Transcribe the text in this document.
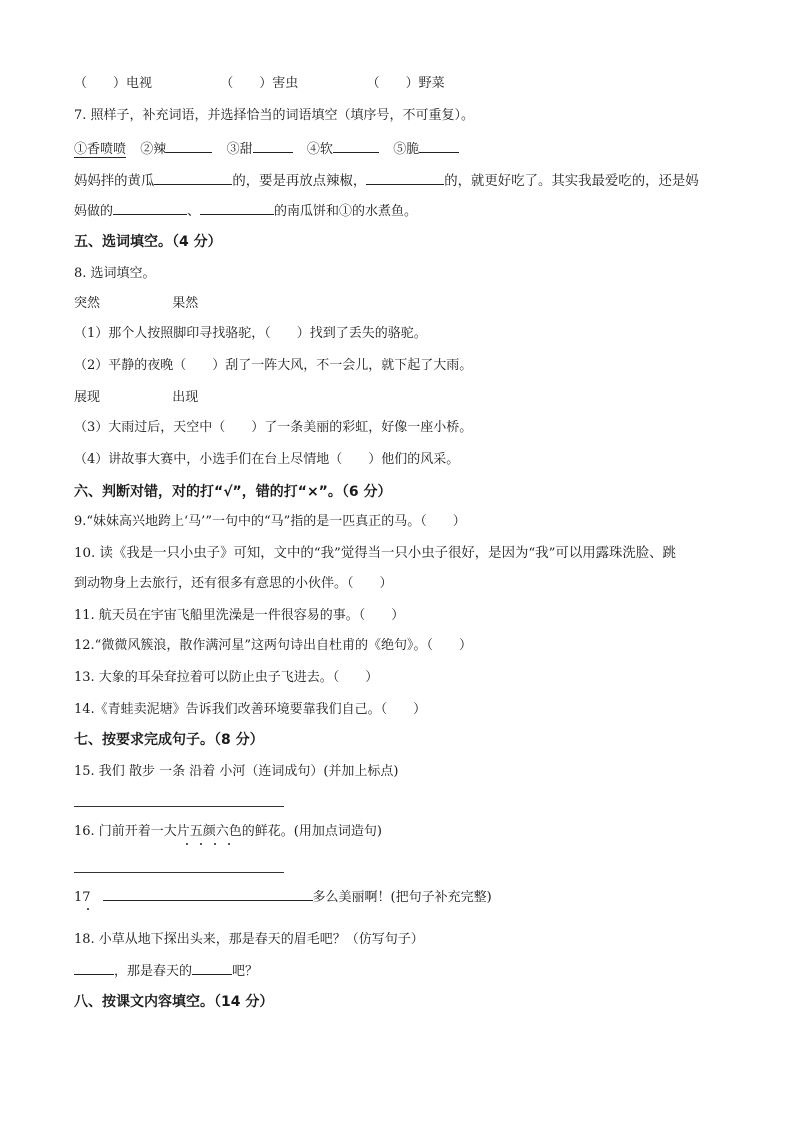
（　　）电视	（　　）害虫	（　　）野菜
7. 照样子，补充词语，并选择恰当的词语填空（填序号，不可重复）。
①香喷喷 ②辣	③甜	④软	⑤脆
妈妈拌的黄瓜	的，要是再放点辣椒，	的，就更好吃了。其实我最爱吃的，还是妈
妈做的	、	的南瓜饼和①的水煮鱼。
五、选词填空。（4 分）
8. 选词填空。
突然	果然
（1）那个人按照脚印寻找骆驼，（　　）找到了丢失的骆驼。
（2）平静的夜晚（　　）刮了一阵大风，不一会儿，就下起了大雨。
展现	出现
（3）大雨过后，天空中（　　）了一条美丽的彩虹，好像一座小桥。
（4）讲故事大赛中，小选手们在台上尽情地（　　）他们的风采。
六、判断对错，对的打“√”，错的打“×”。（6 分）
9.“妹妹高兴地跨上‘马’”一句中的“马”指的是一匹真正的马。（　　）
10. 读《我是一只小虫子》可知，文中的“我”觉得当一只小虫子很好，是因为“我”可以用露珠洗脸、跳
到动物身上去旅行，还有很多有意思的小伙伴。（　　）
11. 航天员在宇宙飞船里洗澡是一件很容易的事。（　　）
12.“微微风簇浪，散作满河星”这两句诗出自杜甫的《绝句》。（　　）
13. 大象的耳朵耷拉着可以防止虫子飞进去。（　　）
14.《青蛙卖泥塘》告诉我们改善环境要靠我们自己。（　　）
七、按要求完成句子。（8 分）
15. 我们 散步 一条 沿着 小河（连词成句）(并加上标点)
16. 门前开着一大片五颜六色的鲜花。(用加点词造句)
17	多么美丽啊！(把句子补充完整)
18. 小草从地下探出头来，那是春天的眉毛吧？（仿写句子）
，那是春天的	吧？
八、按课文内容填空。（14 分）
